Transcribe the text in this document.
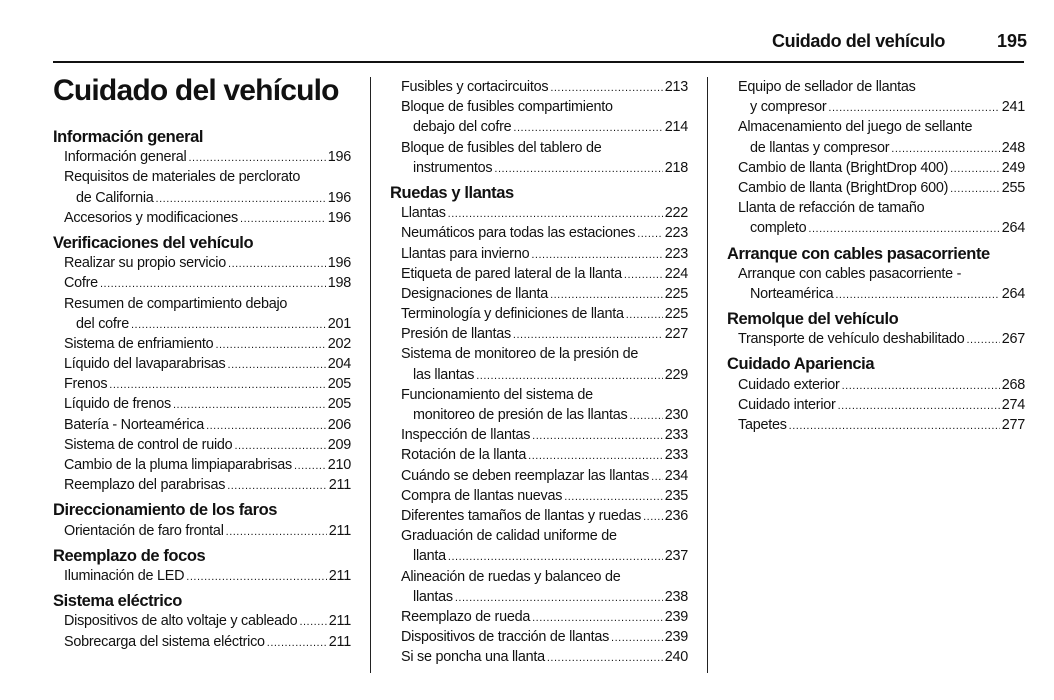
Cuidado del vehículo	195
Cuidado del vehículo
Información general
Información general .....	196
Requisitos de materiales de perclorato
de California .....	196
Accesorios y modificaciones .....	196
Verificaciones del vehículo
Realizar su propio servicio .....	196
Cofre .....	198
Resumen de compartimiento debajo
del cofre .....	201
Sistema de enfriamiento .....	202
Líquido del lavaparabrisas .....	204
Frenos .....	205
Líquido de frenos .....	205
Batería - Norteamérica .....	206
Sistema de control de ruido .....	209
Cambio de la pluma limpiaparabrisas ..... 210
Reemplazo del parabrisas .....	211
Direccionamiento de los faros
Orientación de faro frontal .....	211
Reemplazo de focos
Iluminación de LED .....	211
Sistema eléctrico
Dispositivos de alto voltaje y cableado ..... 211
Sobrecarga del sistema eléctrico .....	211
Fusibles y cortacircuitos .....	213
Bloque de fusibles compartimiento
debajo del cofre .....	214
Bloque de fusibles del tablero de
instrumentos .....	218
Ruedas y llantas
Llantas .....	222
Neumáticos para todas las estaciones ..... 223
Llantas para invierno .....	223
Etiqueta de pared lateral de la llanta .....	224
Designaciones de llanta .....	225
Terminología y definiciones de llanta .....	225
Presión de llantas .....	227
Sistema de monitoreo de la presión de
las llantas .....	229
Funcionamiento del sistema de
monitoreo de presión de las llantas .....	230
Inspección de llantas .....	233
Rotación de la llanta .....	233
Cuándo se deben reemplazar las llantas ..... 234
Compra de llantas nuevas .....	235
Diferentes tamaños de llantas y ruedas ..... 236
Graduación de calidad uniforme de
llanta .....	237
Alineación de ruedas y balanceo de
llantas .....	238
Reemplazo de rueda .....	239
Dispositivos de tracción de llantas .....	239
Si se poncha una llanta .....	240
Equipo de sellador de llantas
y compresor .....	241
Almacenamiento del juego de sellante
de llantas y compresor .....	248
Cambio de llanta (BrightDrop 400) .....	249
Cambio de llanta (BrightDrop 600) .....	255
Llanta de refacción de tamaño
completo .....	264
Arranque con cables pasacorriente
Arranque con cables pasacorriente -
Norteamérica .....	264
Remolque del vehículo
Transporte de vehículo deshabilitado .....	267
Cuidado Apariencia
Cuidado exterior .....	268
Cuidado interior .....	274
Tapetes .....	277
